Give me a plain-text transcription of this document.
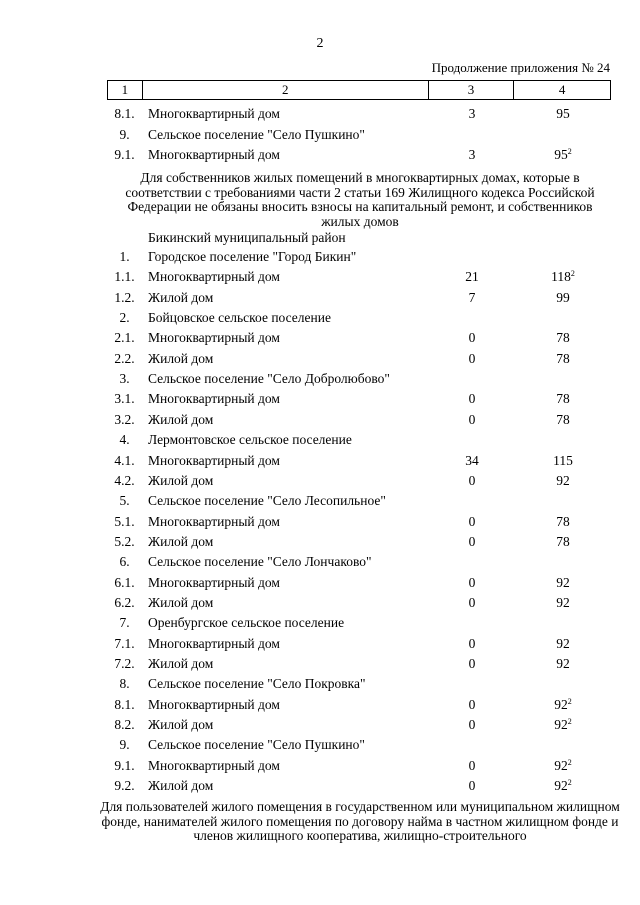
2
Продолжение приложения № 24
1	2	3	4
8.1. Многоквартирный дом	3	95
9.	Сельское поселение "Село Пушкино"
9.1. Многоквартирный дом	3	$95^2$
Для собственников жилых помещений в многоквартирных домах, которые в соответствии с требованиями части 2 статьи 169 Жилищного кодекса Российской Федерации не обязаны вносить взносы на капитальный ремонт, и собственников жилых домов
Бикинский муниципальный район
1.	Городское поселение "Город Бикин"
1.1. Многоквартирный дом	21	$118^2$
1.2. Жилой дом	7	99
2.	Бойцовское сельское поселение
2.1. Многоквартирный дом	0	78
2.2. Жилой дом	0	78
3.	Сельское поселение "Село Добролюбово"
3.1. Многоквартирный дом	0	78
3.2. Жилой дом	0	78
4.	Лермонтовское сельское поселение
4.1. Многоквартирный дом	34	115
4.2. Жилой дом	0	92
5.	Сельское поселение "Село Лесопильное"
5.1. Многоквартирный дом	0	78
5.2. Жилой дом	0	78
6.	Сельское поселение "Село Лончаково"
6.1. Многоквартирный дом	0	92
6.2. Жилой дом	0	92
7.	Оренбургское сельское поселение
7.1. Многоквартирный дом	0	92
7.2. Жилой дом	0	92
8.	Сельское поселение "Село Покровка"
8.1. Многоквартирный дом	0	$92^2$
8.2. Жилой дом	0	$92^2$
9.	Сельское поселение "Село Пушкино"
9.1. Многоквартирный дом	0	$92^2$
9.2. Жилой дом	0	$92^2$
Для пользователей жилого помещения в государственном или муниципальном жилищном фонде, нанимателей жилого помещения по договору найма в частном жилищном фонде и членов жилищного кооператива, жилищно-строительного
